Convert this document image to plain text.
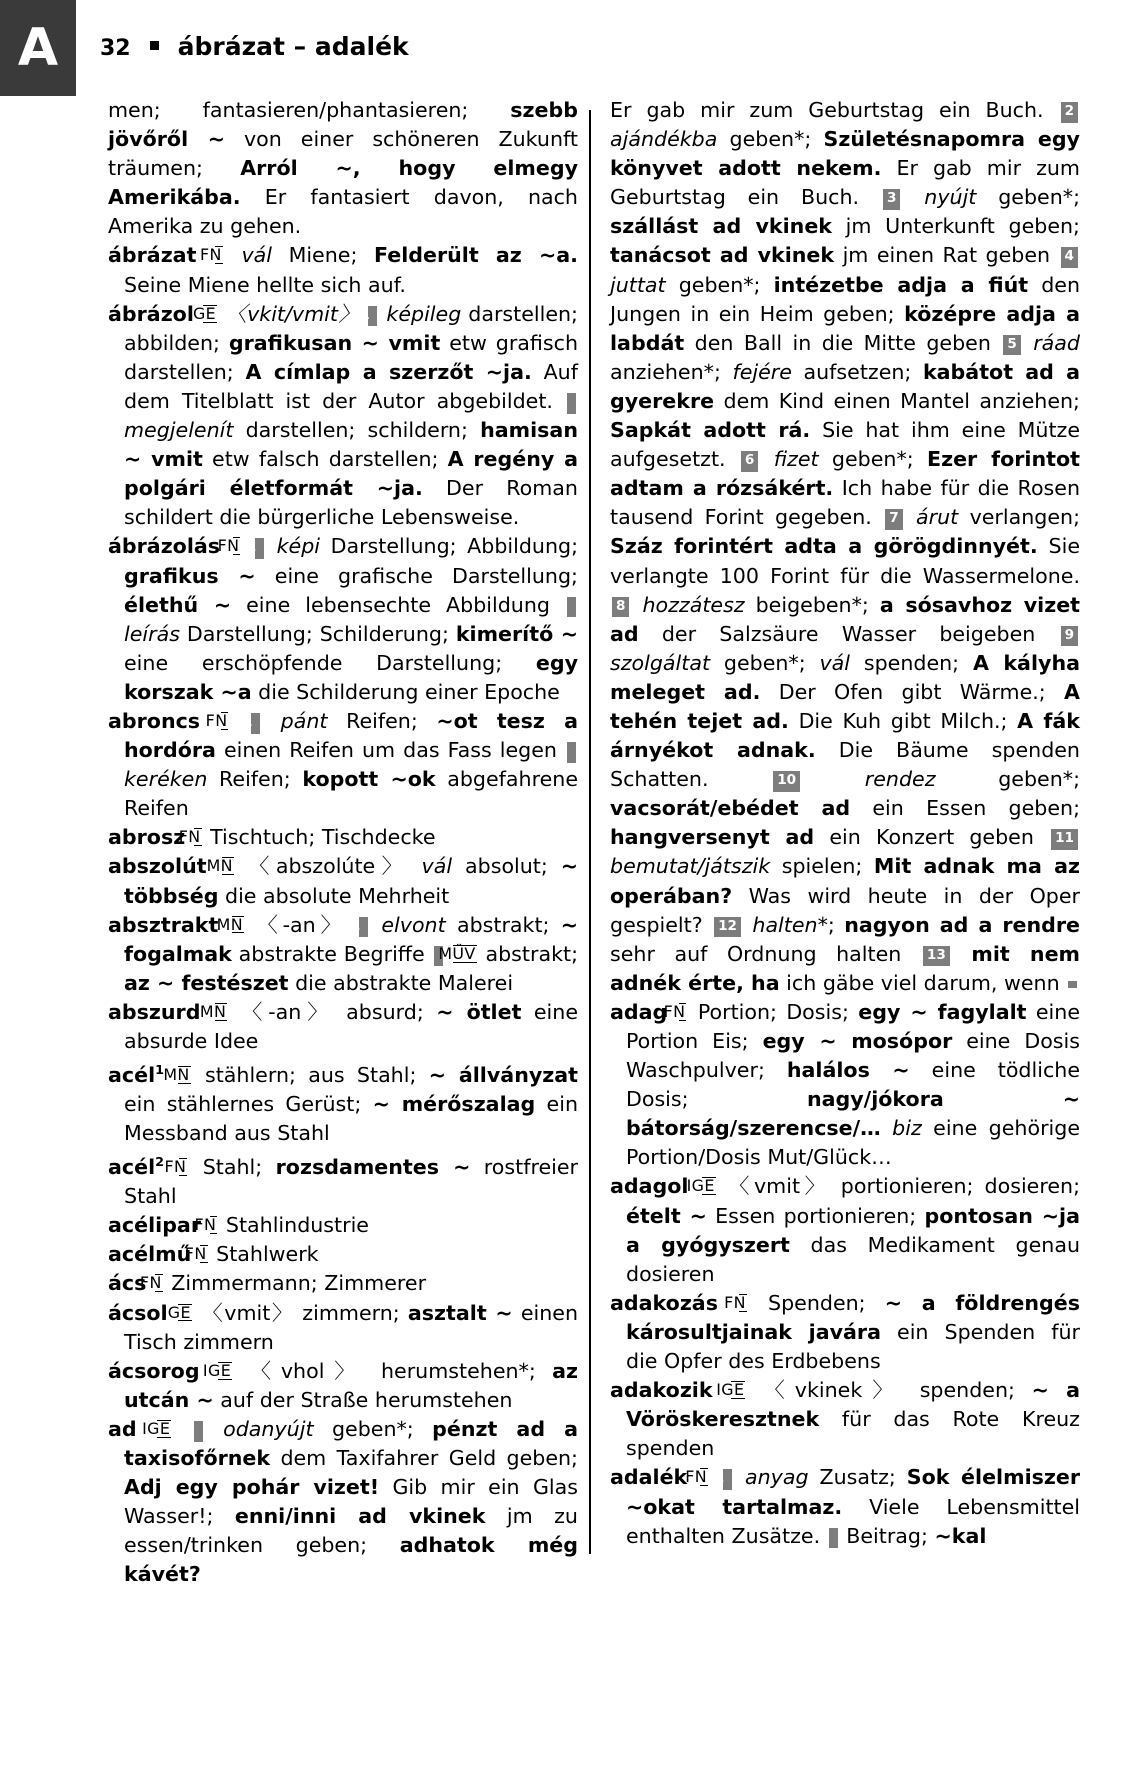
A	32 ábrázat – adalék

men; fantasieren/phantasieren; szebb jövőről ~ von einer schöneren Zukunft träumen; Arról ~, hogy elmegy Amerikába. Er fantasiert davon, nach Amerika zu gehen.

ábrázat FN vál Miene; Felderült az ~a. Seine Miene hellte sich auf.

ábrázol IGE 〈vkit/vmit〉 1 képileg darstellen; abbilden; grafikusan ~ vmit etw grafisch darstellen; A címlap a szerzőt ~ja. Auf dem Titelblatt ist der Autor abgebildet. 2 megjelenít darstellen; schildern; hamisan ~ vmit etw falsch darstellen; A regény a polgári életformát ~ja. Der Roman schildert die bürgerliche Lebensweise.

ábrázolás FN 1 képi Darstellung; Abbildung; grafikus ~ eine grafische Darstellung; élethű ~ eine lebensechte Abbildung 2 leírás Darstellung; Schilderung; kimerítő ~ eine erschöpfende Darstellung; egy korszak ~a die Schilderung einer Epoche

abroncs FN 1 pánt Reifen; ~ot tesz a hordóra einen Reifen um das Fass legen 2 keréken Reifen; kopott ~ok abgefahrene Reifen

abrosz FN Tischtuch; Tischdecke

abszolút MN 〈abszolúte〉 vál absolut; ~ többség die absolute Mehrheit

absztrakt MN 〈-an〉 1 elvont abstrakt; ~ fogalmak abstrakte Begriffe 2 MŰV abstrakt; az ~ festészet die abstrakte Malerei

abszurd MN 〈-an〉 absurd; ~ ötlet eine absurde Idee

acél$^1$ MN stählern; aus Stahl; ~ állványzat ein stählernes Gerüst; ~ mérőszalag ein Messband aus Stahl

acél$^2$ FN Stahl; rozsdamentes ~ rostfreier Stahl

acélipar FN Stahlindustrie

acélmű FN Stahlwerk

ács FN Zimmermann; Zimmerer

ácsol IGE 〈vmit〉 zimmern; asztalt ~ einen Tisch zimmern

ácsorog IGE 〈vhol〉 herumstehen*; az utcán ~ auf der Straße herumstehen

ad IGE 1 odanyújt geben*; pénzt ad a taxisofőrnek dem Taxifahrer Geld geben; Adj egy pohár vizet! Gib mir ein Glas Wasser!; enni/inni ad vkinek jm zu essen/trinken geben; adhatok még kávét?

Er gab mir zum Geburtstag ein Buch. 2 ajándékba geben*; Születésnapomra egy könyvet adott nekem. Er gab mir zum Geburtstag ein Buch. 3 nyújt geben*; szállást ad vkinek jm Unterkunft geben; tanácsot ad vkinek jm einen Rat geben 4 juttat geben*; intézetbe adja a fiút den Jungen in ein Heim geben; középre adja a labdát den Ball in die Mitte geben 5 ráad anziehen*; fejére aufsetzen; kabátot ad a gyerekre dem Kind einen Mantel anziehen; Sapkát adott rá. Sie hat ihm eine Mütze aufgesetzt. 6 fizet geben*; Ezer forintot adtam a rózsákért. Ich habe für die Rosen tausend Forint gegeben. 7 árut verlangen; Száz forintért adta a görögdinnyét. Sie verlangte 100 Forint für die Wassermelone. 8 hozzátesz beigeben*; a sósavhoz vizet ad der Salzsäure Wasser beigeben 9 szolgáltat geben*; vál spenden; A kályha meleget ad. Der Ofen gibt Wärme.; A tehén tejet ad. Die Kuh gibt Milch.; A fák árnyékot adnak. Die Bäume spenden Schatten.	10	rendez geben*; vacsorát/ebédet ad ein Essen geben; hangversenyt ad ein Konzert geben 11 bemutat/játszik spielen; Mit adnak ma az operában? Was wird heute in der Oper gespielt? 12 halten*; nagyon ad a rendre sehr auf Ordnung halten 13 mit nem adnék érte, ha ich gäbe viel darum, wenn

adag FN Portion; Dosis; egy ~ fagylalt eine Portion Eis; egy ~ mosópor eine Dosis Waschpulver; halálos ~ eine tödliche Dosis; nagy/jókora ~ bátorság/szerencse/… biz eine gehörige Portion/Dosis Mut/Glück…

adagol IGE 〈vmit〉 portionieren; dosieren; ételt ~ Essen portionieren; pontosan ~ja a gyógyszert das Medikament genau dosieren

adakozás FN Spenden; ~ a földrengés károsultjainak javára ein Spenden für die Opfer des Erdbebens

adakozik IGE 〈vkinek〉 spenden; ~ a Vöröskeresztnek für das Rote Kreuz spenden

adalék FN 1 anyag Zusatz; Sok élelmiszer ~okat tartalmaz. Viele Lebensmittel enthalten Zusätze. 2 Beitrag; ~kal
